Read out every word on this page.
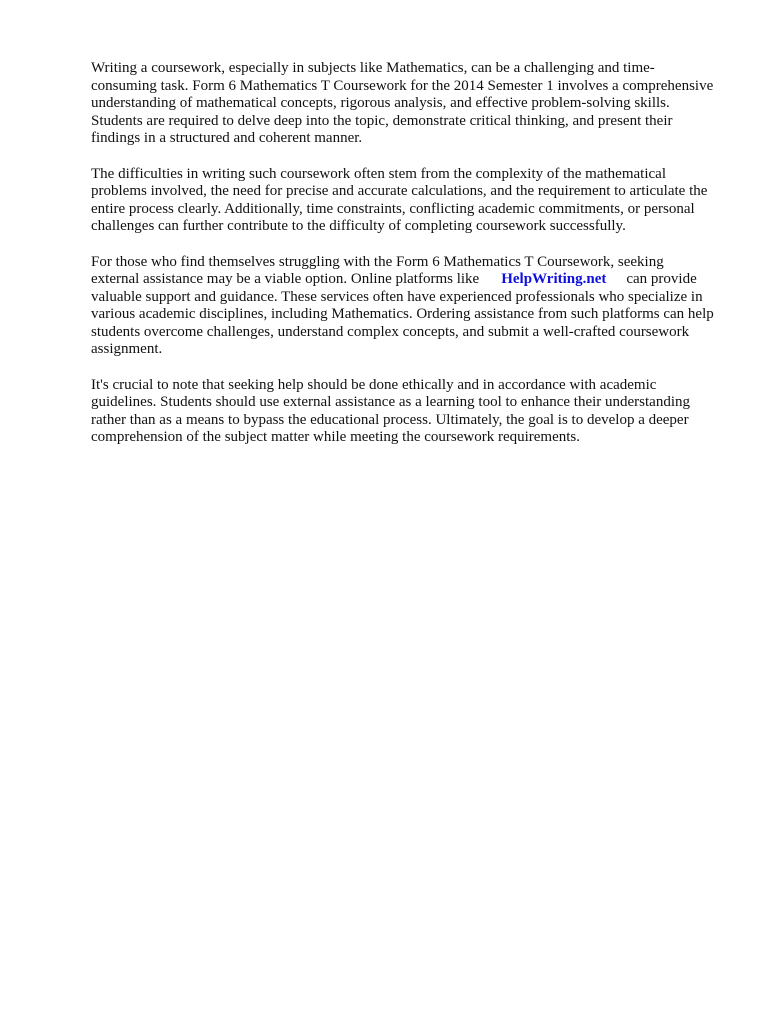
Writing a coursework, especially in subjects like Mathematics, can be a challenging and time-consuming task. Form 6 Mathematics T Coursework for the 2014 Semester 1 involves a comprehensive understanding of mathematical concepts, rigorous analysis, and effective problem-solving skills. Students are required to delve deep into the topic, demonstrate critical thinking, and present their findings in a structured and coherent manner.

The difficulties in writing such coursework often stem from the complexity of the mathematical problems involved, the need for precise and accurate calculations, and the requirement to articulate the entire process clearly. Additionally, time constraints, conflicting academic commitments, or personal challenges can further contribute to the difficulty of completing coursework successfully.

For those who find themselves struggling with the Form 6 Mathematics T Coursework, seeking external assistance may be a viable option. Online platforms like HelpWriting.net can provide valuable support and guidance. These services often have experienced professionals who specialize in various academic disciplines, including Mathematics. Ordering assistance from such platforms can help students overcome challenges, understand complex concepts, and submit a well-crafted coursework assignment.

It's crucial to note that seeking help should be done ethically and in accordance with academic guidelines. Students should use external assistance as a learning tool to enhance their understanding rather than as a means to bypass the educational process. Ultimately, the goal is to develop a deeper comprehension of the subject matter while meeting the coursework requirements.
